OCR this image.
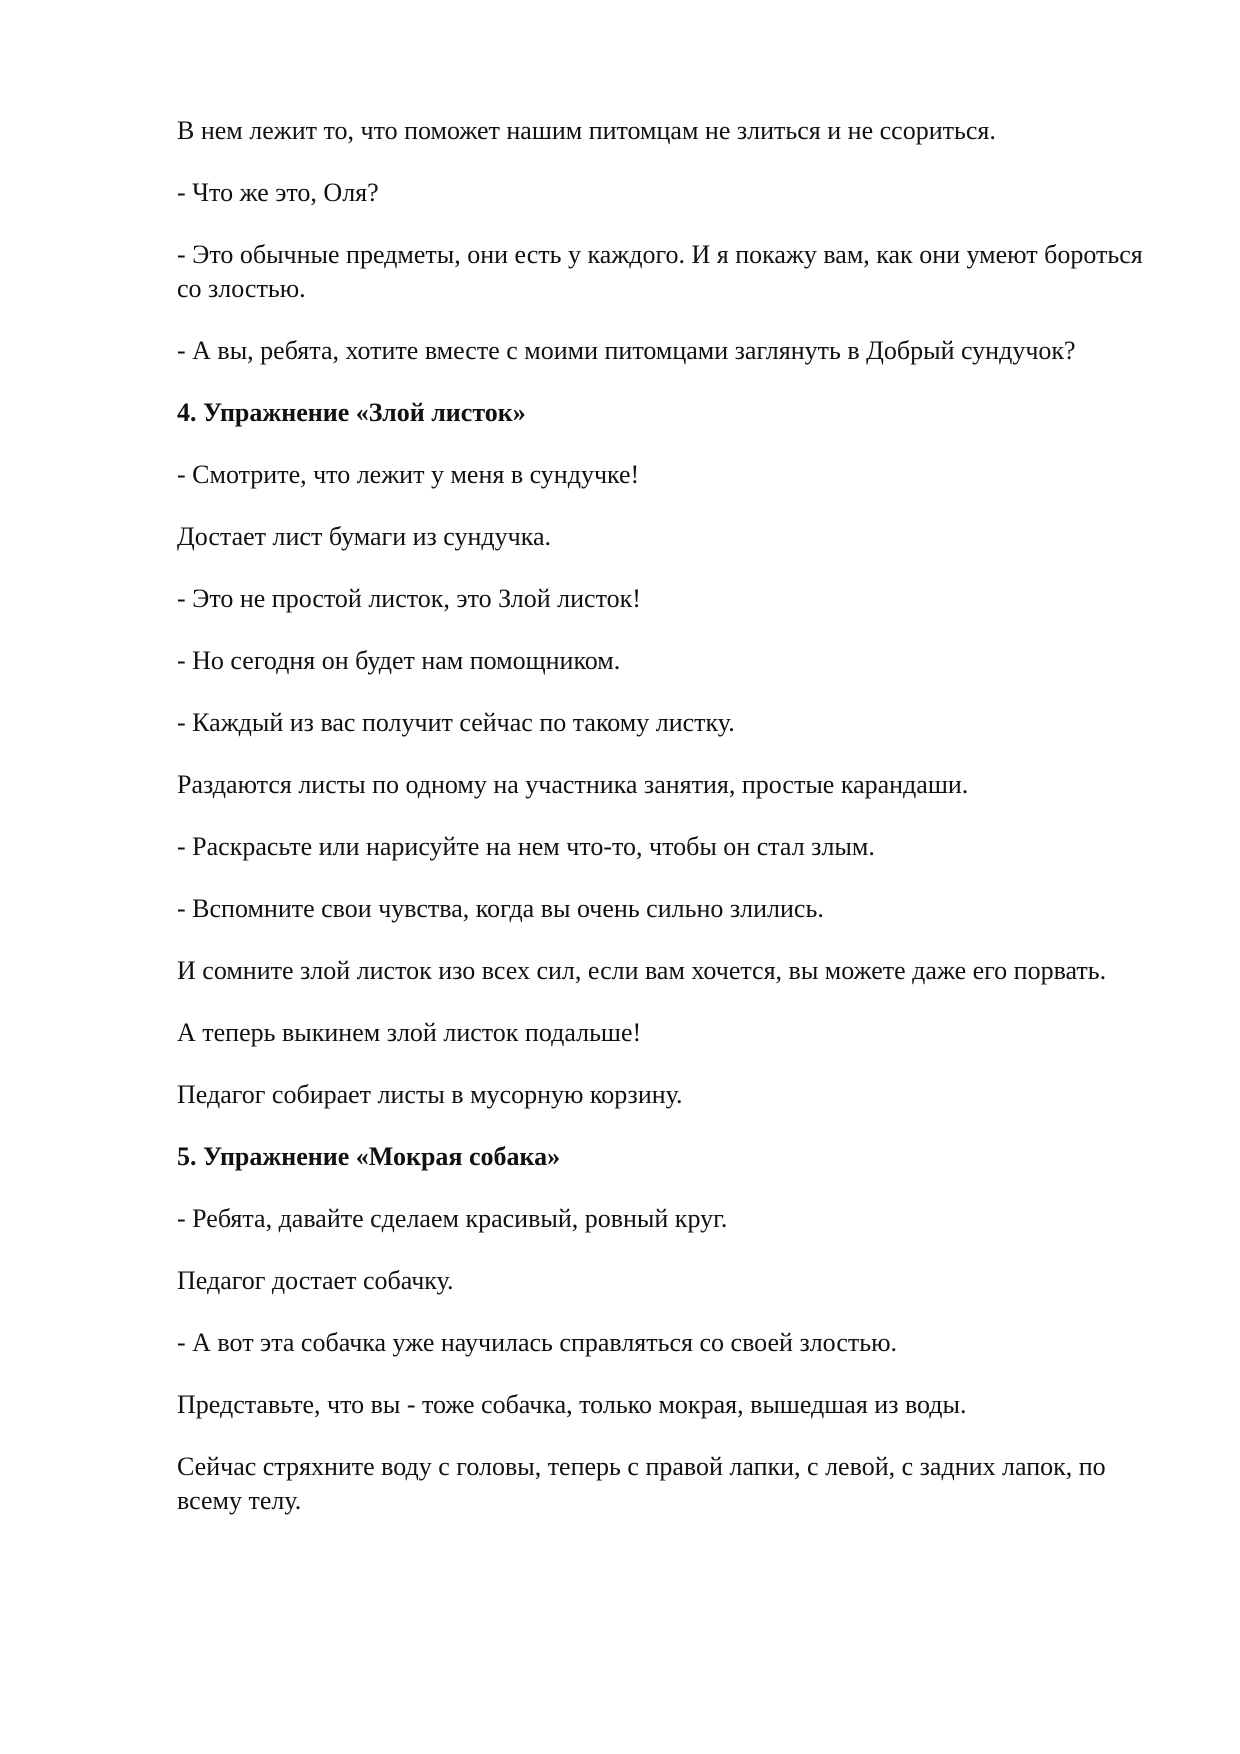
В нем лежит то, что поможет нашим питомцам не злиться и не ссориться.

- Что же это, Оля?

- Это обычные предметы, они есть у каждого. И я покажу вам, как они умеют бороться со злостью.

- А вы, ребята, хотите вместе с моими питомцами заглянуть в Добрый сундучок?

4. Упражнение «Злой листок»

- Смотрите, что лежит у меня в сундучке!

Достает лист бумаги из сундучка.

- Это не простой листок, это Злой листок!

- Но сегодня он будет нам помощником.

- Каждый из вас получит сейчас по такому листку.

Раздаются листы по одному на участника занятия, простые карандаши.

- Раскрасьте или нарисуйте на нем что-то, чтобы он стал злым.

- Вспомните свои чувства, когда вы очень сильно злились.

И сомните злой листок изо всех сил, если вам хочется, вы можете даже его порвать.

А теперь выкинем злой листок подальше!

Педагог собирает листы в мусорную корзину.

5. Упражнение «Мокрая собака»

- Ребята, давайте сделаем красивый, ровный круг.

Педагог достает собачку.

- А вот эта собачка уже научилась справляться со своей злостью.

Представьте, что вы - тоже собачка, только мокрая, вышедшая из воды.

Сейчас стряхните воду с головы, теперь с правой лапки, с левой, с задних лапок, по всему телу.
